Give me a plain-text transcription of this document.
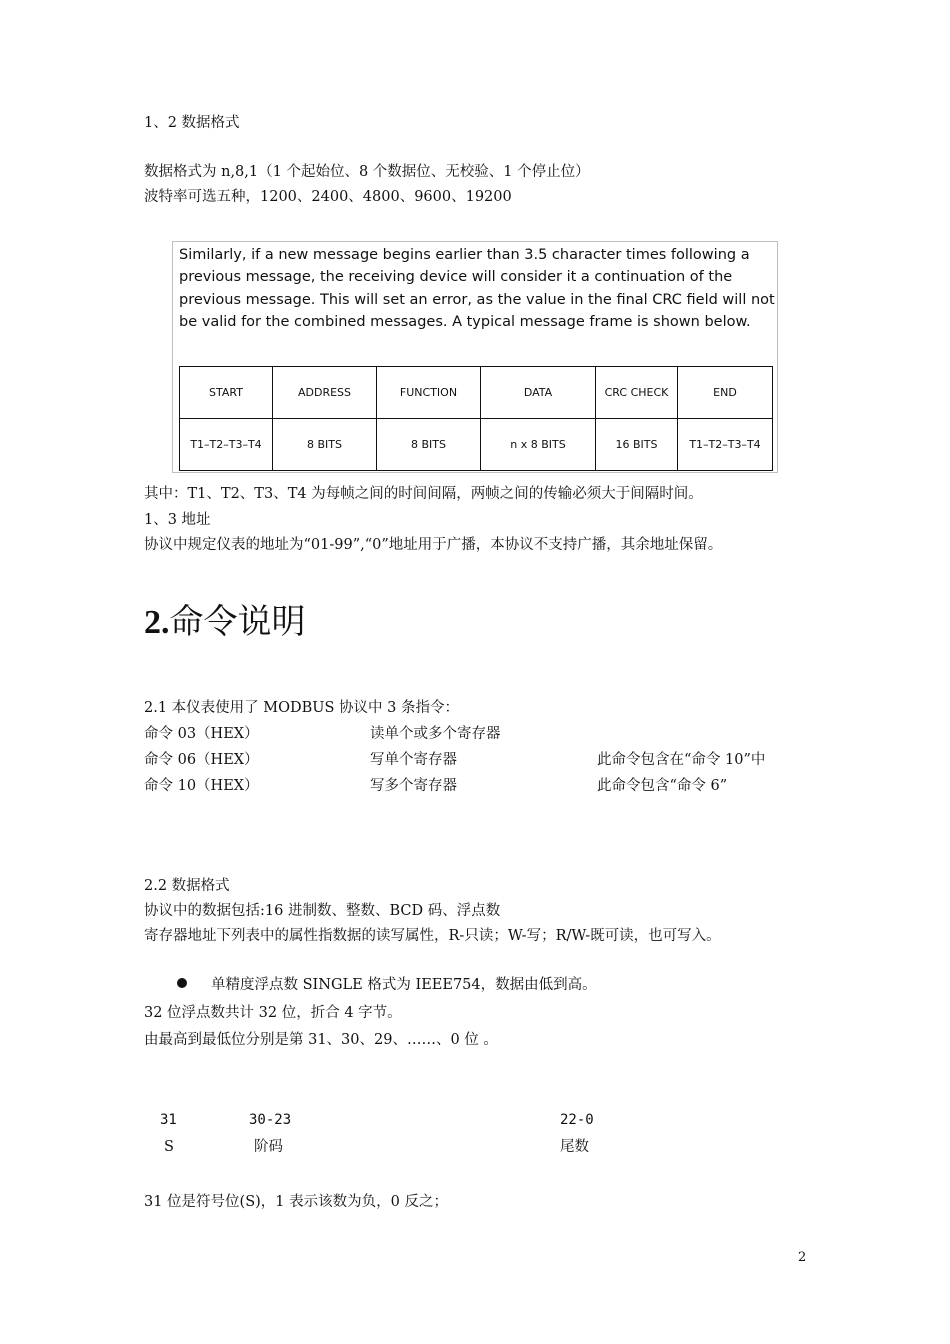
1、2 数据格式
数据格式为 n,8,1（1 个起始位、8 个数据位、无校验、1 个停止位）
波特率可选五种，1200、2400、4800、9600、19200
Similarly, if a new message begins earlier than 3.5 character times following a previous message, the receiving device will consider it a continuation of the previous message. This will set an error, as the value in the final CRC field will not be valid for the combined messages. A typical message frame is shown below.
START	ADDRESS	FUNCTION	DATA	CRC CHECK	END
T1–T2–T3–T4	8 BITS	8 BITS	n x 8 BITS	16 BITS	T1–T2–T3–T4
其中：T1、T2、T3、T4 为每帧之间的时间间隔，两帧之间的传输必须大于间隔时间。
1、3 地址
协议中规定仪表的地址为“01-99”,“0”地址用于广播，本协议不支持广播，其余地址保留。
2.命令说明
2.1 本仪表使用了 MODBUS 协议中 3 条指令：
命令 03（HEX）	读单个或多个寄存器
命令 06（HEX）	写单个寄存器	此命令包含在“命令 10”中
命令 10（HEX）	写多个寄存器	此命令包含“命令 6”
2.2 数据格式
协议中的数据包括:16 进制数、整数、BCD 码、浮点数
寄存器地址下列表中的属性指数据的读写属性，R-只读；W-写；R/W-既可读，也可写入。
单精度浮点数 SINGLE 格式为 IEEE754，数据由低到高。
32 位浮点数共计 32 位，折合 4 字节。
由最高到最低位分别是第 31、30、29、……、0 位 。
31	30-23	22-0
S	阶码	尾数
31 位是符号位(S)，1 表示该数为负，0 反之；
2
